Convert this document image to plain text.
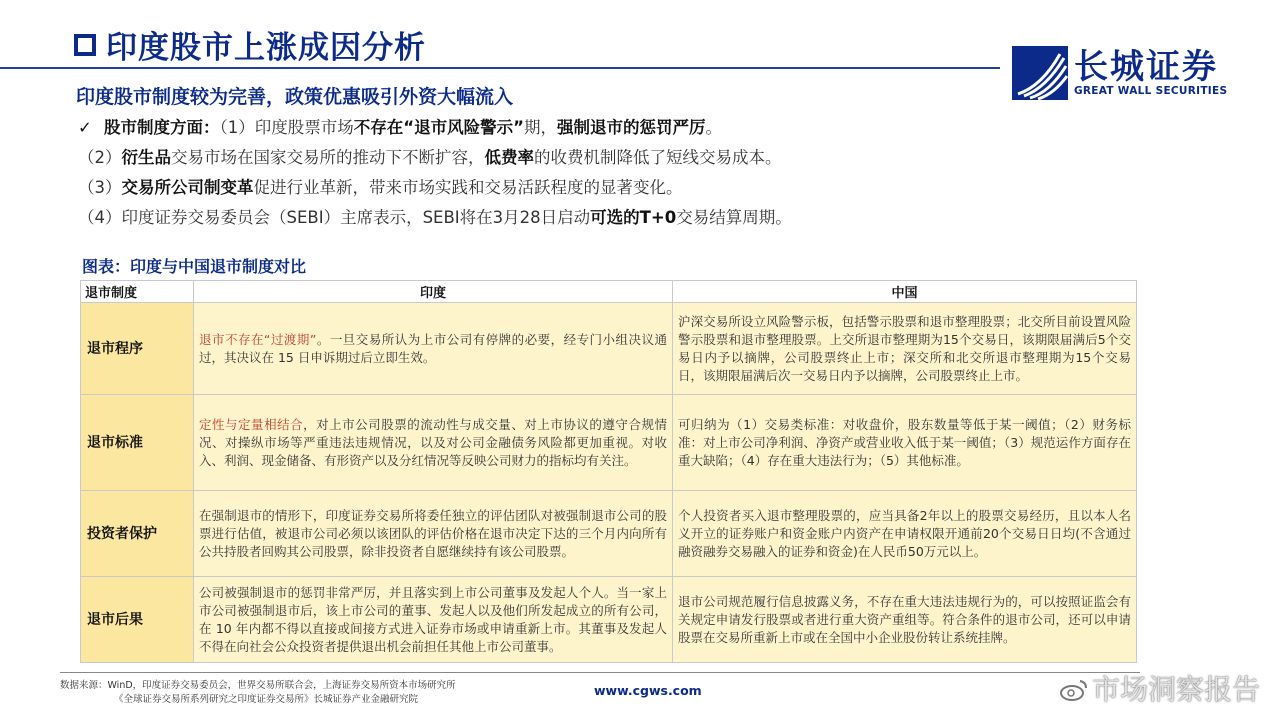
印度股市上涨成因分析	长城证券
GREAT WALL SECURITIES
印度股市制度较为完善，政策优惠吸引外资大幅流入
✓ 股市制度方面：（1）印度股票市场不存在“退市风险警示”期，强制退市的惩罚严厉。
（2）衍生品交易市场在国家交易所的推动下不断扩容，低费率的收费机制降低了短线交易成本。
（3）交易所公司制变革促进行业革新，带来市场实践和交易活跃程度的显著变化。
（4）印度证券交易委员会（SEBI）主席表示，SEBI将在3月28日启动可选的T+0交易结算周期。
图表：印度与中国退市制度对比
退市制度	印度	中国
退市程序	退市不存在“过渡期”。一旦交易所认为上市公司有停牌的必要，经专门小组决议通过，其决议在 15 日申诉期过后立即生效。	沪深交易所设立风险警示板，包括警示股票和退市整理股票；北交所目前设置风险警示股票和退市整理股票。上交所退市整理期为15个交易日，该期限届满后5个交易日内予以摘牌，公司股票终止上市；深交所和北交所退市整理期为15个交易日，该期限届满后次一交易日内予以摘牌，公司股票终止上市。
退市标准	定性与定量相结合，对上市公司股票的流动性与成交量、对上市协议的遵守合规情况、对操纵市场等严重违法违规情况，以及对公司金融债务风险都更加重视。对收入、利润、现金储备、有形资产以及分红情况等反映公司财力的指标均有关注。	可归纳为（1）交易类标准：对收盘价，股东数量等低于某一阈值；（2）财务标准：对上市公司净利润、净资产或营业收入低于某一阈值；（3）规范运作方面存在重大缺陷；（4）存在重大违法行为；（5）其他标准。
投资者保护	在强制退市的情形下，印度证券交易所将委任独立的评估团队对被强制退市公司的股票进行估值，被退市公司必须以该团队的评估价格在退市决定下达的三个月内向所有公共持股者回购其公司股票，除非投资者自愿继续持有该公司股票。	个人投资者买入退市整理股票的，应当具备2年以上的股票交易经历，且以本人名义开立的证券账户和资金账户内资产在申请权限开通前20个交易日日均(不含通过融资融券交易融入的证券和资金)在人民币50万元以上。
退市后果	公司被强制退市的惩罚非常严厉，并且落实到上市公司董事及发起人个人。当一家上市公司被强制退市后，该上市公司的董事、发起人以及他们所发起成立的所有公司，在 10 年内都不得以直接或间接方式进入证券市场或申请重新上市。其董事及发起人不得在向社会公众投资者提供退出机会前担任其他上市公司董事。	退市公司规范履行信息披露义务，不存在重大违法违规行为的，可以按照证监会有关规定申请发行股票或者进行重大资产重组等。符合条件的退市公司，还可以申请股票在交易所重新上市或在全国中小企业股份转让系统挂牌。
数据来源：WinD，印度证券交易委员会，世界交易所联合会，上海证券交易所资本市场研究所
《全球证券交易所系列研究之印度证券交易所》长城证券产业金融研究院
www.cgws.com	市场洞察报告
